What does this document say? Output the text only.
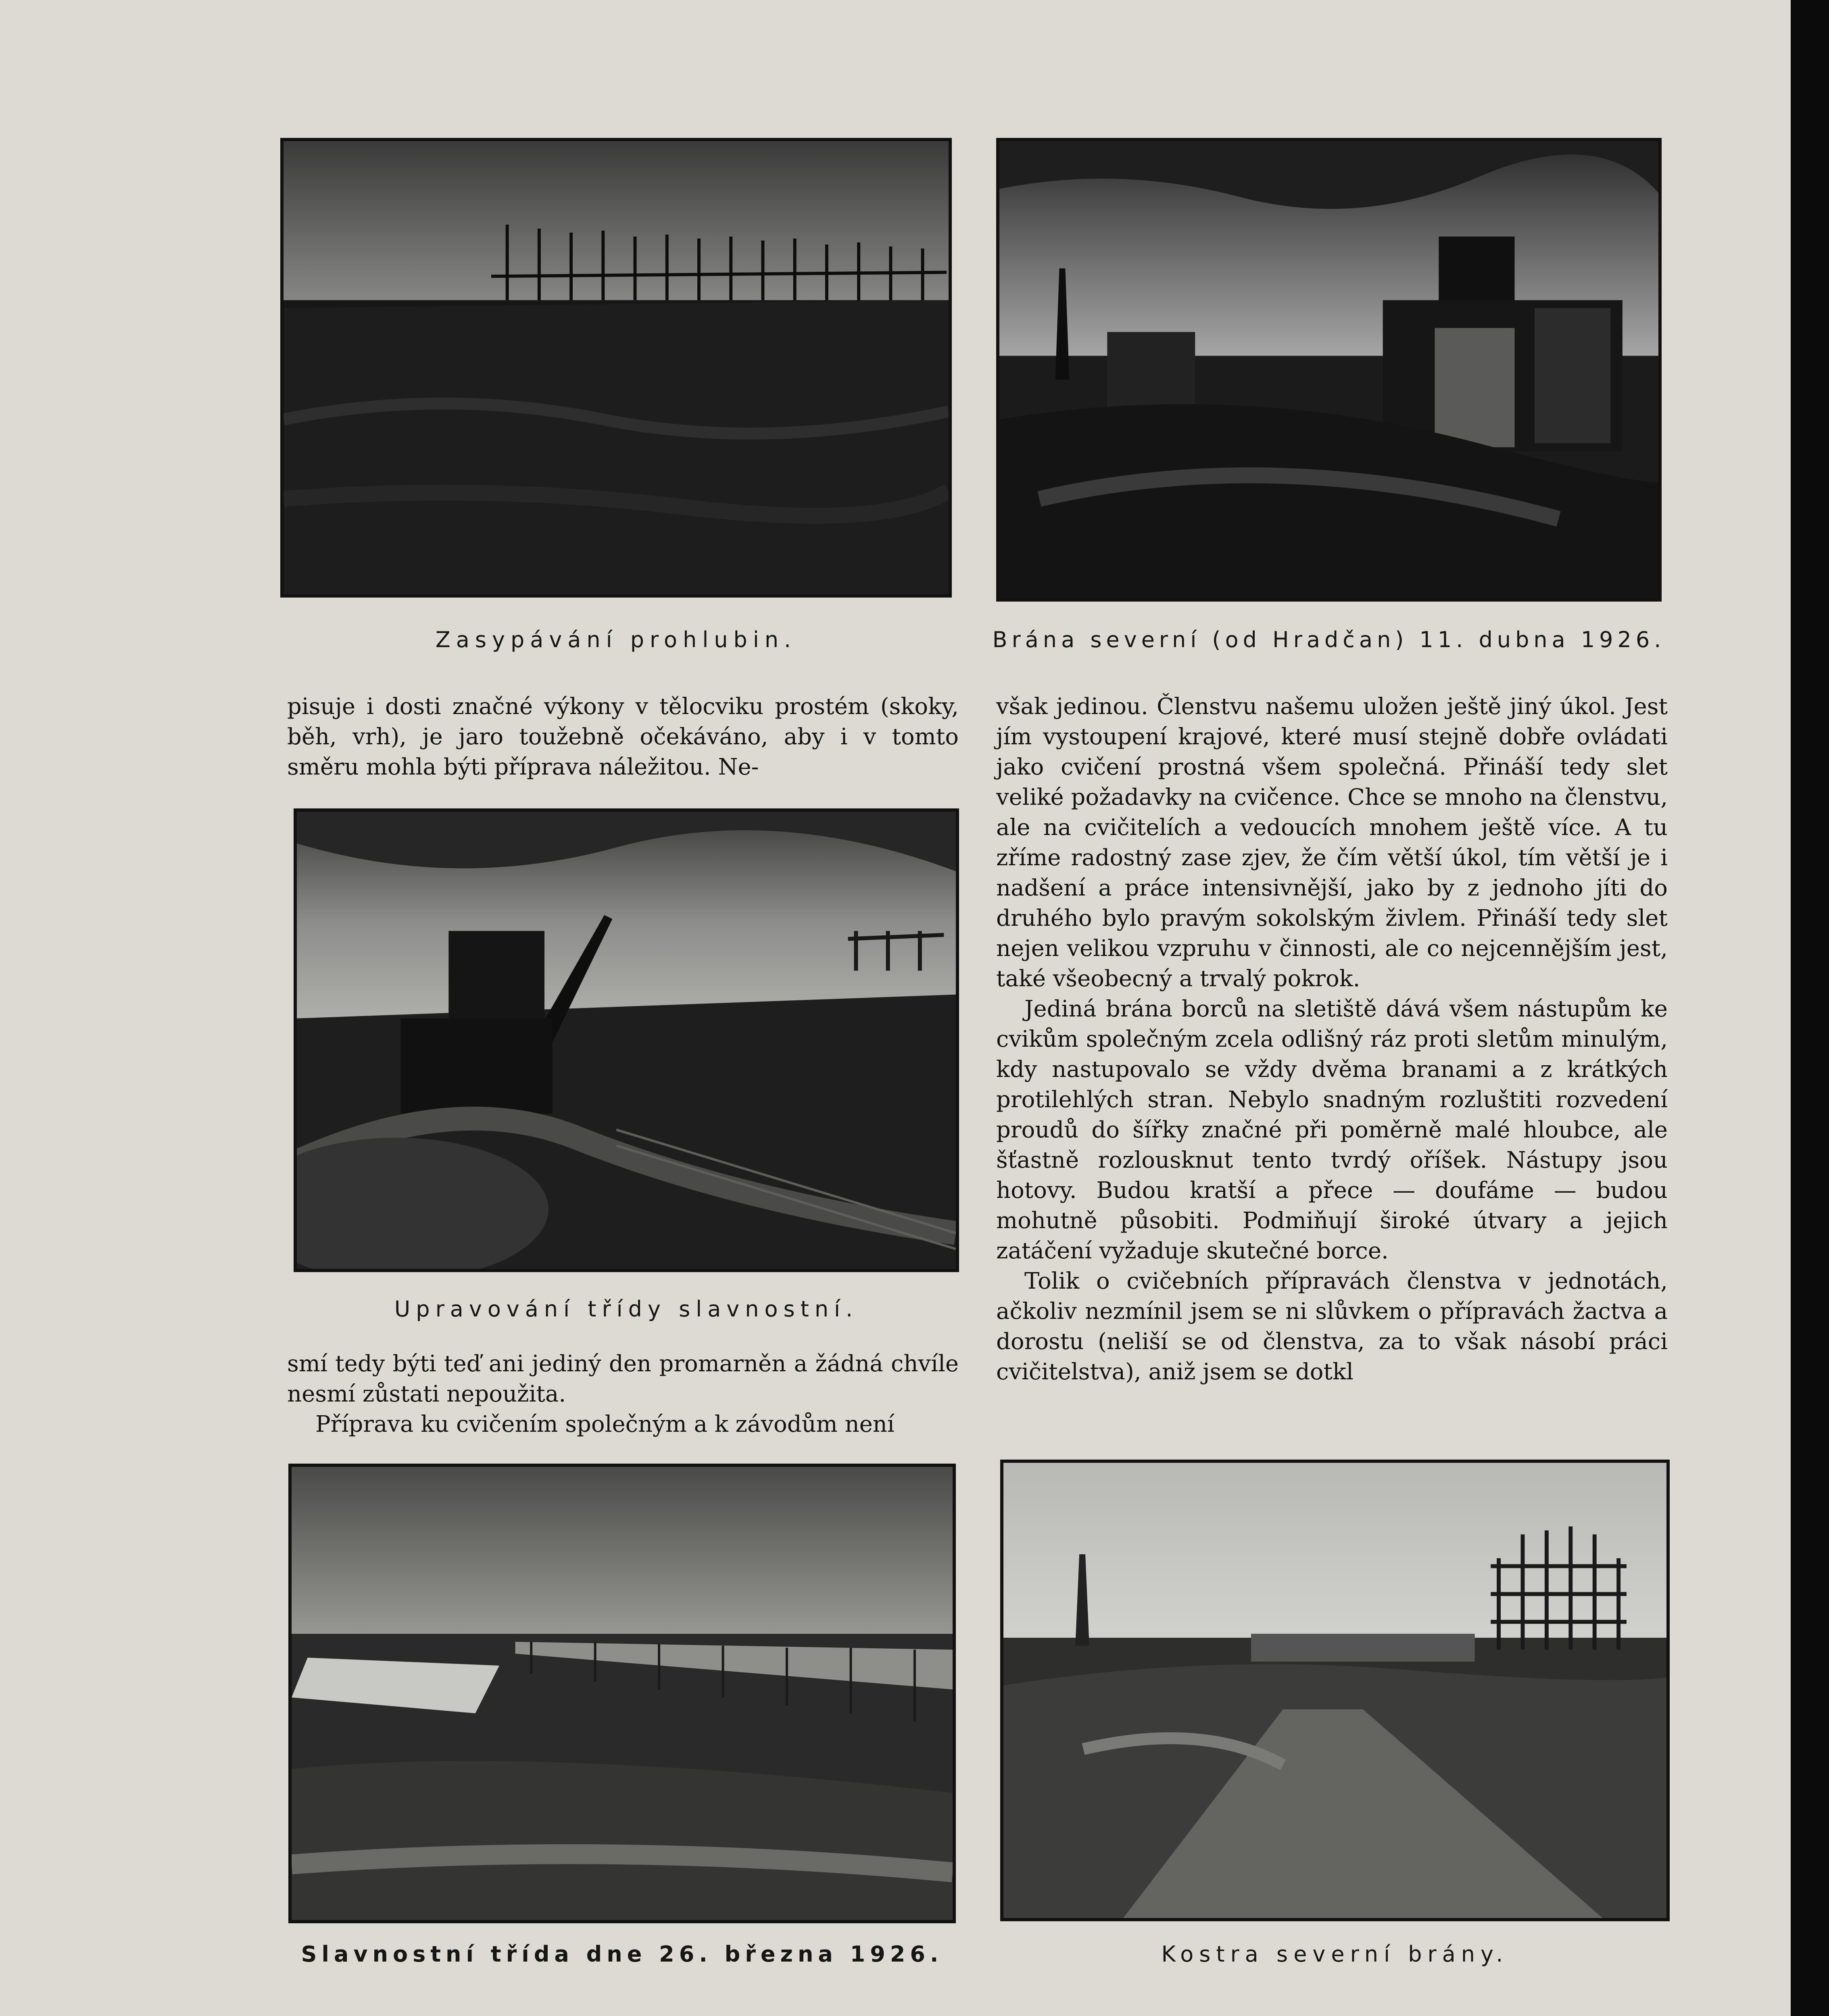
Zasypávání prohlubin.	Brána severní (od Hradčan) 11. dubna 1926.

pisuje i dosti značné výkony v tělocviku prostém (skoky, běh, vrh), je jaro toužebně očekáváno, aby i v tomto směru mohla býti příprava náležitou. Ne-

Upravování třídy slavnostní.

smí tedy býti teď ani jediný den promarněn a žádná chvíle nesmí zůstati nepoužita.

Příprava ku cvičením společným a k závodům není

však jedinou. Členstvu našemu uložen ještě jiný úkol. Jest jím vystoupení krajové, které musí stejně dobře ovládati jako cvičení prostná všem společná. Přináší tedy slet veliké požadavky na cvičence. Chce se mnoho na členstvu, ale na cvičitelích a vedoucích mnohem ještě více. A tu zříme radostný zase zjev, že čím větší úkol, tím větší je i nadšení a práce intensivnější, jako by z jednoho jíti do druhého bylo pravým sokolským živlem. Přináší tedy slet nejen velikou vzpruhu v činnosti, ale co nejcennějším jest, také všeobecný a trvalý pokrok.

Jediná brána borců na sletiště dává všem nástupům ke cvikům společným zcela odlišný ráz proti sletům minulým, kdy nastupovalo se vždy dvěma branami a z krátkých protilehlých stran. Nebylo snadným rozluštiti rozvedení proudů do šířky značné při poměrně malé hloubce, ale šťastně rozlousknut tento tvrdý oříšek. Nástupy jsou hotovy. Budou kratší a přece — doufáme — budou mohutně působiti. Podmiňují široké útvary a jejich zatáčení vyžaduje skutečné borce.

Tolik o cvičebních přípravách členstva v jednotách, ačkoliv nezmínil jsem se ni slůvkem o přípravách žactva a dorostu (neliší se od členstva, za to však násobí práci cvičitelstva), aniž jsem se dotkl

Slavnostní třída dne 26. března 1926.	Kostra severní brány.
